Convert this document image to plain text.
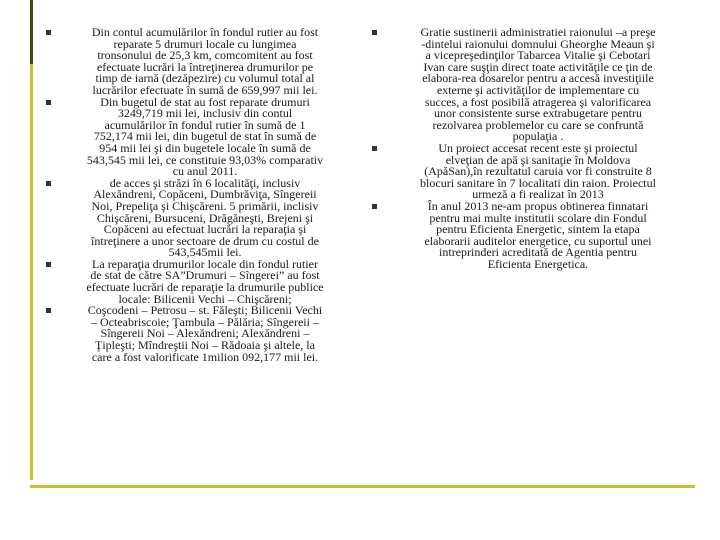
Din contul acumulărilor în fondul rutier au fost
reparate 5 drumuri locale cu lungimea
tronsonului de 25,3 km, comcomitent au fost
efectuate lucrări la întreţinerea drumurilor pe
timp de iarnă (dezăpezire) cu volumul total al
lucrărilor efectuate în sumă de 659,997 mii lei.
Din bugetul de stat au fost reparate drumuri
3249,719 mii lei, inclusiv din contul
acumulărilor în fondul rutier în sumă de 1
752,174 mii lei, din bugetul de stat în sumă de
954 mii lei şi din bugetele locale în sumă de
543,545 mii lei, ce constituie 93,03% comparativ
cu anul 2011.
de acces şi străzi în 6 localităţi, inclusiv
Alexăndreni, Copăceni, Dumbrăviţa, Sîngereii
Noi, Prepeliţa şi Chişcăreni. 5 primării, inclisiv
Chişcăreni, Bursuceni, Drăgăneşti, Brejeni şi
Copăceni au efectuat lucrări la reparaţia şi
întreţinere a unor sectoare de drum cu costul de
543,545mii lei.
La reparaţia drumurilor locale din fondul rutier
de stat de către SA”Drumuri – Sîngerei” au fost
efectuate lucrări de reparaţie la drumurile publice
locale: Bilicenii Vechi – Chişcăreni;
Coşcodeni – Petrosu – st. Făleşti; Bilicenii Vechi
– Octeabriscoie; Ţambula – Pălăria; Sîngereii –
Sîngereii Noi – Alexăndreni; Alexăndreni –
Ţipleşti; Mîndreştii Noi – Rădoaia şi altele, la
care a fost valorificate 1milion 092,177 mii lei.
Gratie sustinerii administratiei raionului –a preşe
-dintelui raionului domnului Gheorghe Meaun şi
a vicepreşedinţilor Tabarcea Vitalie şi Cebotari
Ivan care suşţin direct toate activităţile ce ţin de
elabora-rea dosarelor pentru a accesă investiţiile
externe şi activităţilor de implementare cu
succes, a fost posibilă atragerea şi valorificarea
unor consistente surse extrabugetare pentru
rezolvarea problemelor cu care se confruntă
populaţia .
Un proiect accesat recent este şi proiectul
elveţian de apă şi sanitaţie în Moldova
(ApăSan),în rezultatul caruia vor fi construite 8
blocuri sanitare în 7 localitati din raion. Proiectul
urmeză a fi realizat în 2013
În anul 2013 ne-am propus obtinerea finnatari
pentru mai multe institutii scolare din Fondul
pentru Eficienta Energetic, sintem la etapa
elaborarii auditelor energetice, cu suportul unei
intreprinderi acreditată de Agentia pentru
Eficienta Energetica.
